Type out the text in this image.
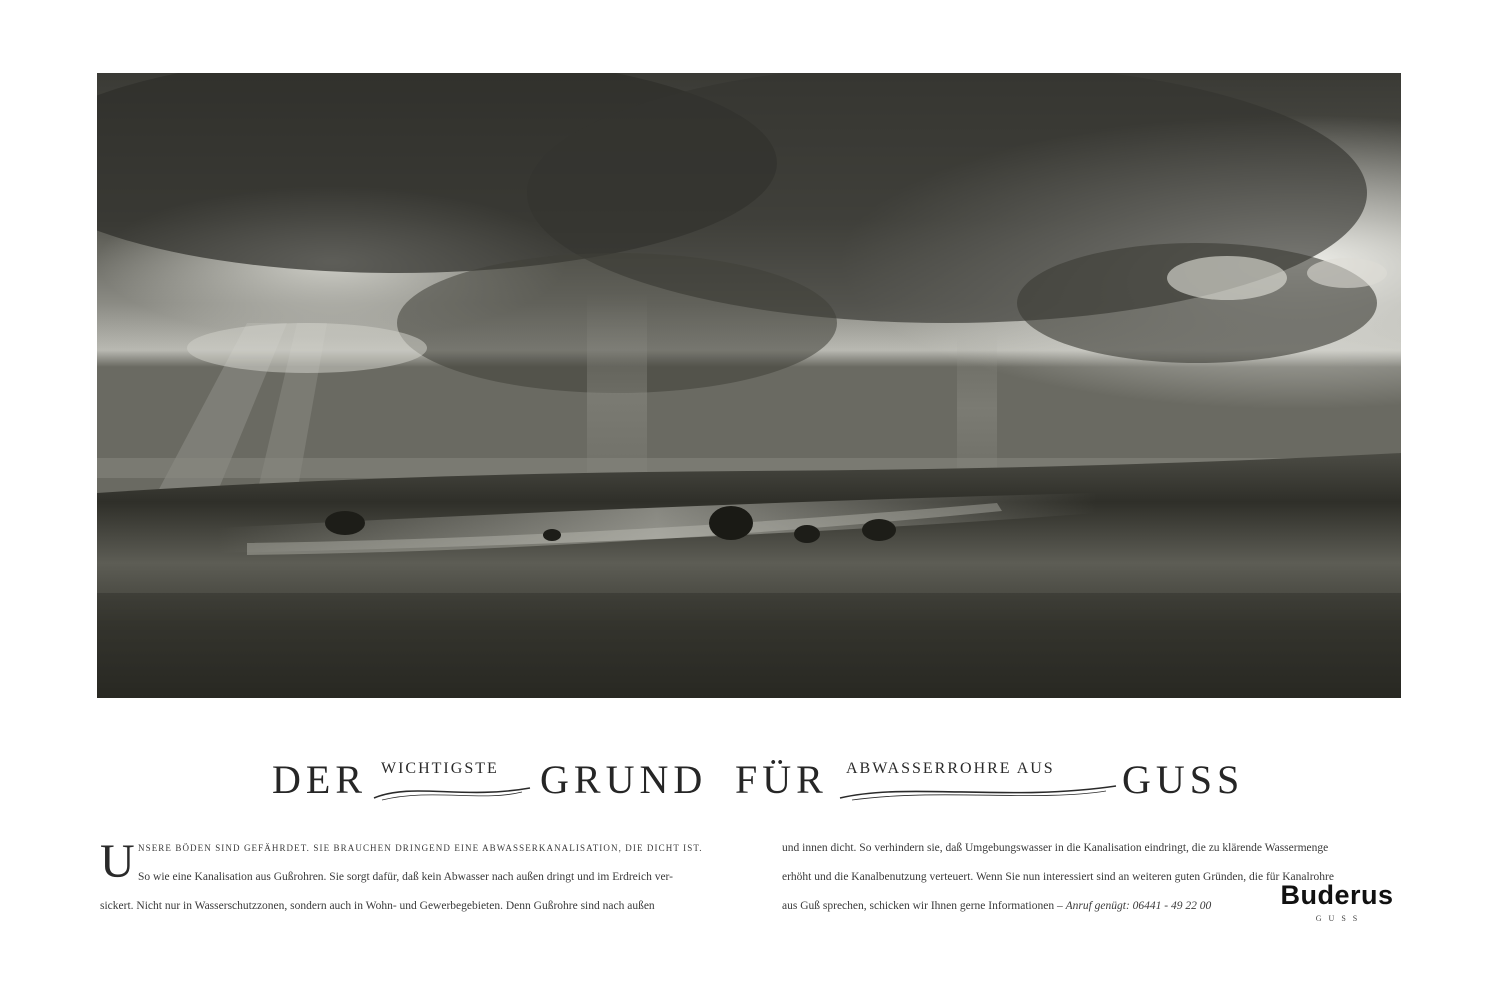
DER WICHTIGSTE GRUND FÜR ABWASSERROHRE AUS GUSS
U NSERE BÖDEN SIND GEFÄHRDET. SIE BRAUCHEN DRINGEND EINE ABWASSERKANALISATION, DIE DICHT IST.
So wie eine Kanalisation aus Gußrohren. Sie sorgt dafür, daß kein Abwasser nach außen dringt und im Erdreich ver-
sickert. Nicht nur in Wasserschutzzonen, sondern auch in Wohn- und Gewerbegebieten. Denn Gußrohre sind nach außen
und innen dicht. So verhindern sie, daß Umgebungswasser in die Kanalisation eindringt, die zu klärende Wassermenge
erhöht und die Kanalbenutzung verteuert. Wenn Sie nun interessiert sind an weiteren guten Gründen, die für Kanalrohre
aus Guß sprechen, schicken wir Ihnen gerne Informationen – Anruf genügt: 06441 - 49 22 00	Buderus
GUSS
